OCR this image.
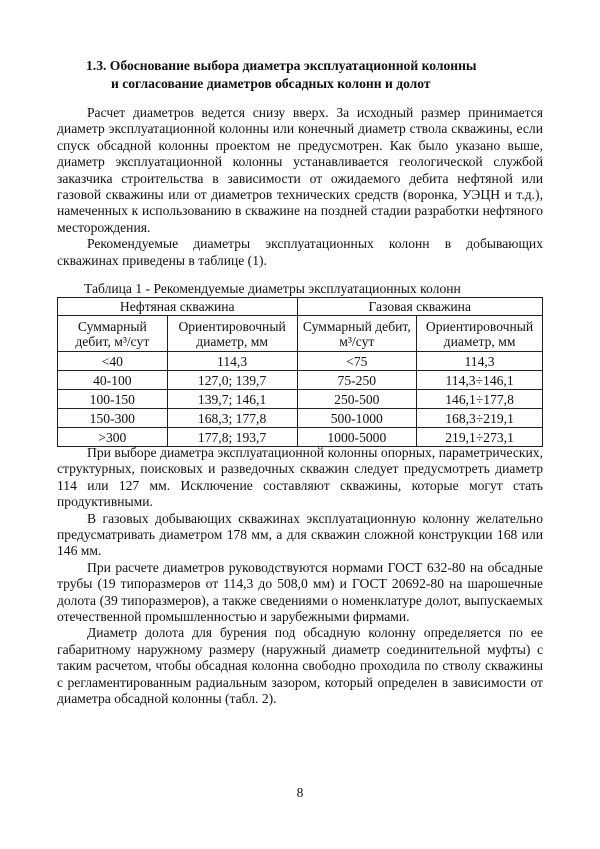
1.3. Обоснование выбора диаметра эксплуатационной колонны
и согласование диаметров обсадных колонн и долот

Расчет диаметров ведется снизу вверх. За исходный размер принимается диаметр эксплуатационной колонны или конечный диаметр ствола скважины, если спуск обсадной колонны проектом не предусмотрен. Как было указано выше, диаметр эксплуатационной колонны устанавливается геологической службой заказчика строительства в зависимости от ожидаемого дебита нефтяной или газовой скважины или от диаметров технических средств (воронка, УЭЦН и т.д.), намеченных к использованию в скважине на поздней стадии разработки нефтяного месторождения.

Рекомендуемые диаметры эксплуатационных колонн в добывающих скважинах приведены в таблице (1).

Таблица 1 - Рекомендуемые диаметры эксплуатационных колонн
Нефтяная скважина		Газовая скважина	
Суммарный дебит, м³/сут	Ориентировочный диаметр, мм	Суммарный дебит, м³/сут	Ориентировочный диаметр, мм
<40	114,3	<75	114,3
40-100	127,0; 139,7	75-250	114,3÷146,1
100-150	139,7; 146,1	250-500	146,1÷177,8
150-300	168,3; 177,8	500-1000	168,3÷219,1
>300	177,8; 193,7	1000-5000	219,1÷273,1

При выборе диаметра эксплуатационной колонны опорных, параметрических, структурных, поисковых и разведочных скважин следует предусмотреть диаметр 114 или 127 мм. Исключение составляют скважины, которые могут стать продуктивными.

В газовых добывающих скважинах эксплуатационную колонну желательно предусматривать диаметром 178 мм, а для скважин сложной конструкции 168 или 146 мм.

При расчете диаметров руководствуются нормами ГОСТ 632-80 на обсадные трубы (19 типоразмеров от 114,3 до 508,0 мм) и ГОСТ 20692-80 на шарошечные долота (39 типоразмеров), а также сведениями о номенклатуре долот, выпускаемых отечественной промышленностью и зарубежными фирмами.

Диаметр долота для бурения под обсадную колонну определяется по ее габаритному наружному размеру (наружный диаметр соединительной муфты) с таким расчетом, чтобы обсадная колонна свободно проходила по стволу скважины с регламентированным радиальным зазором, который определен в зависимости от диаметра обсадной колонны (табл. 2).

8
